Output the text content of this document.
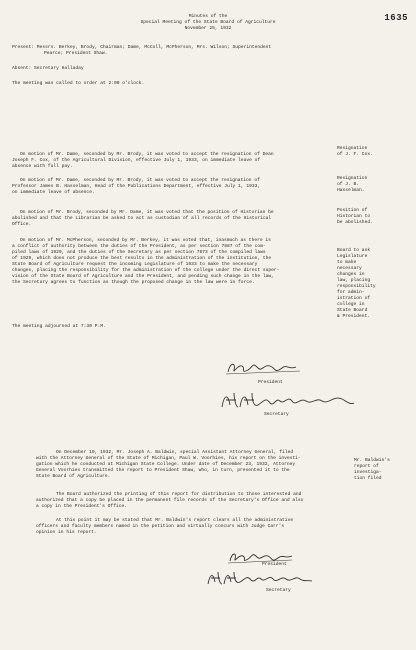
1635
Minutes of the
Special Meeting of the State Board of Agriculture
November 25, 1932
Present: Messrs. Berkey, Brody, Chairman; Dame, McColl, McPherson, Mrs. Wilson; Superintendent
Pearce; President Shaw.
Absent: Secretary Halladay
The meeting was called to order at 2:00 o'clock.
On motion of Mr. Dame, seconded by Mr. Brody, it was voted to accept the resignation of Dean
Joseph F. Cox, of the Agricultural Division, effective July 1, 1933, on immediate leave of
absence with full pay.
Resignation
of J. F. Cox.
On motion of Mr. Dame, seconded by Mr. Brody, it was voted to accept the resignation of
Professor James B. Hasselman, Head of the Publications Department, effective July 1, 1933,
on immediate leave of absence.
Resignation
of J. B.
Hasselman.
On motion of Mr. Brody, seconded by Mr. Dame, it was voted that the position of Historian be
abolished and that the Librarian be asked to act as custodian of all records of the Historical
Office.
Position of
Historian to
be abolished.
On motion of Mr. McPherson, seconded by Mr. Berkey, it was voted that, inasmuch as there is
a conflict of authority between the duties of the President, as per section 7887 of the com-
piled laws of 1929, and the duties of the Secretary as per section 7873 of the compiled laws
of 1929, which does not produce the best results in the administration of the institution, the
State Board of Agriculture request the incoming Legislature of 1933 to make the necessary
changes, placing the responsibility for the administration of the college under the direct super-
vision of the State Board of Agriculture and the President, and pending such change in the law,
the Secretary agrees to function as though the proposed change in the law were in force.
Board to ask
Legislature
to make
necessary
changes in
law, placing
responsibility
for admin-
istration of
college in
State Board
& President.
The meeting adjourned at 7:30 P.M.
President
Secretary
On December 10, 1932, Mr. Joseph A. Baldwin, special Assistant Attorney General, filed
with the Attorney General of the State of Michigan, Paul W. Voorhies, his report on the investi-
gation which he conducted at Michigan State College. Under date of December 23, 1932, Attorney
General Voorhies transmitted the report to President Shaw, who, in turn, presented it to the
State Board of Agriculture.
Mr. Baldwin's
report of
investiga-
tion filed
The Board authorized the printing of this report for distribution to those interested and
authorized that a copy be placed in the permanent file records of the Secretary's Office and also
a copy in the President's Office.
At this point it may be stated that Mr. Baldwin's report clears all the administrative
officers and faculty members named in the petition and virtually concurs with Judge Carr's
opinion in his report.
President
Secretary
